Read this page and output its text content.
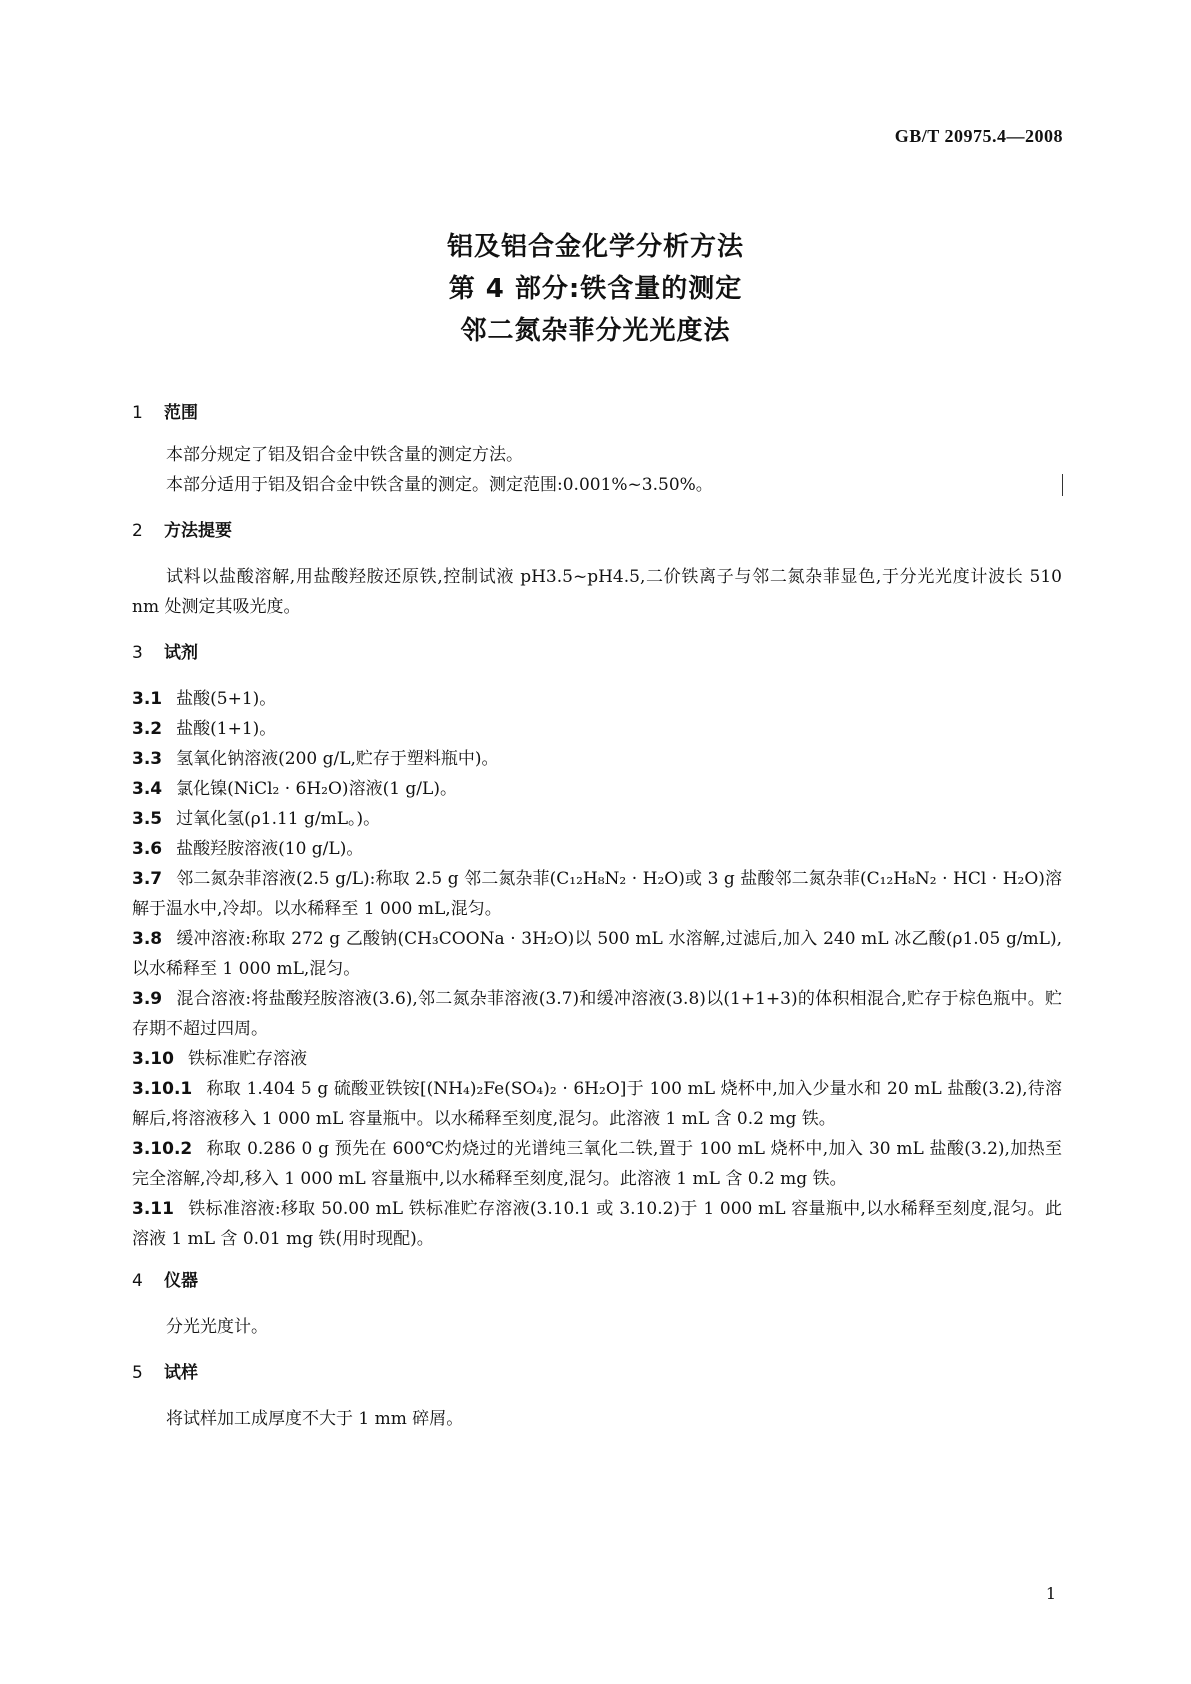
GB/T 20975.4—2008
铝及铝合金化学分析方法
第 4 部分:铁含量的测定
邻二氮杂菲分光光度法
1 范围

本部分规定了铝及铝合金中铁含量的测定方法。

本部分适用于铝及铝合金中铁含量的测定。测定范围:0.001%~3.50%。

2 方法提要

试料以盐酸溶解,用盐酸羟胺还原铁,控制试液 pH3.5~pH4.5,二价铁离子与邻二氮杂菲显色,于分光光度计波长 510 nm 处测定其吸光度。

3 试剂

3.1 盐酸(5+1)。

3.2 盐酸(1+1)。

3.3 氢氧化钠溶液(200 g/L,贮存于塑料瓶中)。

3.4 氯化镍(NiCl₂ · 6H₂O)溶液(1 g/L)。

3.5 过氧化氢(ρ1.11 g/mL。)。

3.6 盐酸羟胺溶液(10 g/L)。

3.7 邻二氮杂菲溶液(2.5 g/L):称取 2.5 g 邻二氮杂菲(C₁₂H₈N₂ · H₂O)或 3 g 盐酸邻二氮杂菲(C₁₂H₈N₂ · HCl · H₂O)溶解于温水中,冷却。以水稀释至 1 000 mL,混匀。

3.8 缓冲溶液:称取 272 g 乙酸钠(CH₃COONa · 3H₂O)以 500 mL 水溶解,过滤后,加入 240 mL 冰乙酸(ρ1.05 g/mL),以水稀释至 1 000 mL,混匀。

3.9 混合溶液:将盐酸羟胺溶液(3.6),邻二氮杂菲溶液(3.7)和缓冲溶液(3.8)以(1+1+3)的体积相混合,贮存于棕色瓶中。贮存期不超过四周。

3.10 铁标准贮存溶液

3.10.1 称取 1.404 5 g 硫酸亚铁铵[(NH₄)₂Fe(SO₄)₂ · 6H₂O]于 100 mL 烧杯中,加入少量水和 20 mL 盐酸(3.2),待溶解后,将溶液移入 1 000 mL 容量瓶中。以水稀释至刻度,混匀。此溶液 1 mL 含 0.2 mg 铁。

3.10.2 称取 0.286 0 g 预先在 600℃灼烧过的光谱纯三氧化二铁,置于 100 mL 烧杯中,加入 30 mL 盐酸(3.2),加热至完全溶解,冷却,移入 1 000 mL 容量瓶中,以水稀释至刻度,混匀。此溶液 1 mL 含 0.2 mg 铁。

3.11 铁标准溶液:移取 50.00 mL 铁标准贮存溶液(3.10.1 或 3.10.2)于 1 000 mL 容量瓶中,以水稀释至刻度,混匀。此溶液 1 mL 含 0.01 mg 铁(用时现配)。

4 仪器

分光光度计。

5 试样

将试样加工成厚度不大于 1 mm 碎屑。

1
